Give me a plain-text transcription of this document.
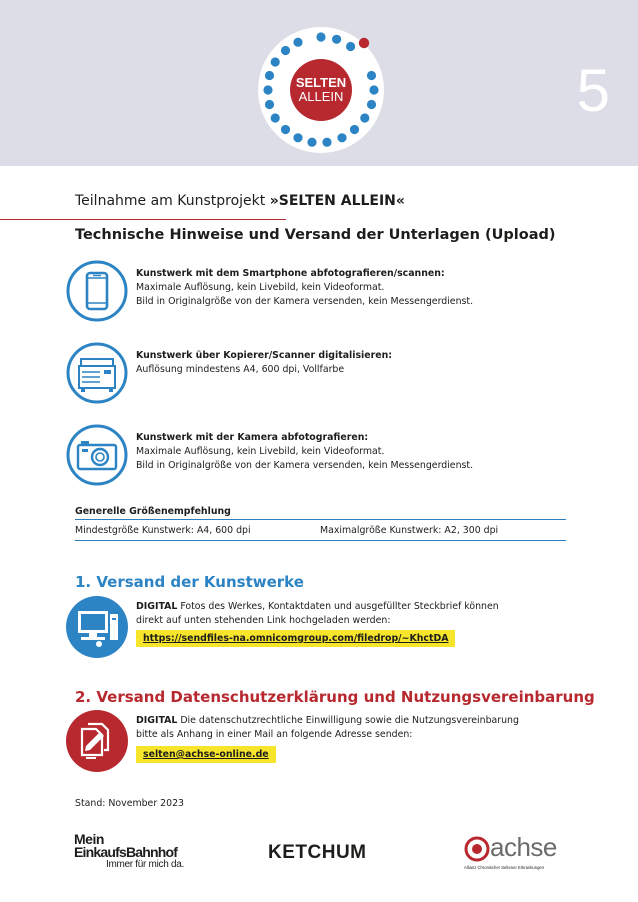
SELTEN
ALLEIN	5
Teilnahme am Kunstprojekt »SELTEN ALLEIN«
Technische Hinweise und Versand der Unterlagen (Upload)
Kunstwerk mit dem Smartphone abfotografieren/scannen:
Maximale Auflösung, kein Livebild, kein Videoformat.
Bild in Originalgröße von der Kamera versenden, kein Messengerdienst.
Kunstwerk über Kopierer/Scanner digitalisieren:
Auflösung mindestens A4, 600 dpi, Vollfarbe
Kunstwerk mit der Kamera abfotografieren:
Maximale Auflösung, kein Livebild, kein Videoformat.
Bild in Originalgröße von der Kamera versenden, kein Messengerdienst.
Generelle Größenempfehlung
Mindestgröße Kunstwerk: A4, 600 dpi	Maximalgröße Kunstwerk: A2, 300 dpi
1. Versand der Kunstwerke
DIGITAL Fotos des Werkes, Kontaktdaten und ausgefüllter Steckbrief können
direkt auf unten stehenden Link hochgeladen werden:
https://sendfiles-na.omnicomgroup.com/filedrop/~KhctDA
2. Versand Datenschutzerklärung und Nutzungsvereinbarung
DIGITAL Die datenschutzrechtliche Einwilligung sowie die Nutzungsvereinbarung
bitte als Anhang in einer Mail an folgende Adresse senden:
selten@achse-online.de
Stand: November 2023
Mein
EinkaufsBahnhof
Immer für mich da.
KETCHUM	achse
Allianz Chronischer Seltener Erkrankungen
